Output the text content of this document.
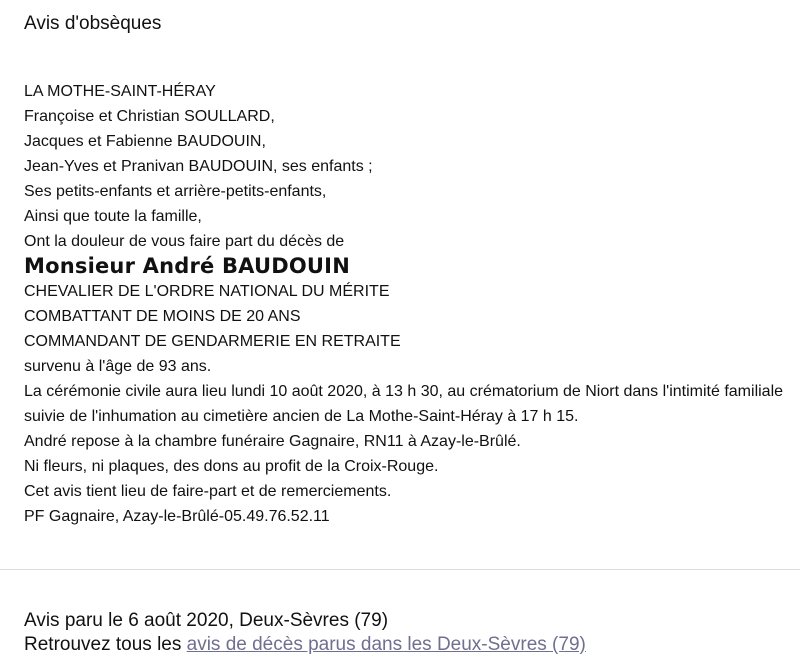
Avis d'obsèques
LA MOTHE-SAINT-HÉRAY
Françoise et Christian SOULLARD,
Jacques et Fabienne BAUDOUIN,
Jean-Yves et Pranivan BAUDOUIN, ses enfants ;
Ses petits-enfants et arrière-petits-enfants,
Ainsi que toute la famille,
Ont la douleur de vous faire part du décès de
Monsieur André BAUDOUIN
CHEVALIER DE L'ORDRE NATIONAL DU MÉRITE
COMBATTANT DE MOINS DE 20 ANS
COMMANDANT DE GENDARMERIE EN RETRAITE
survenu à l'âge de 93 ans.
La cérémonie civile aura lieu lundi 10 août 2020, à 13 h 30, au crématorium de Niort dans l'intimité familiale suivie de l'inhumation au cimetière ancien de La Mothe-Saint-Héray à 17 h 15.
André repose à la chambre funéraire Gagnaire, RN11 à Azay-le-Brûlé.
Ni fleurs, ni plaques, des dons au profit de la Croix-Rouge.
Cet avis tient lieu de faire-part et de remerciements.
PF Gagnaire, Azay-le-Brûlé-05.49.76.52.11
Avis paru le 6 août 2020, Deux-Sèvres (79)
Retrouvez tous les avis de décès parus dans les Deux-Sèvres (79)
